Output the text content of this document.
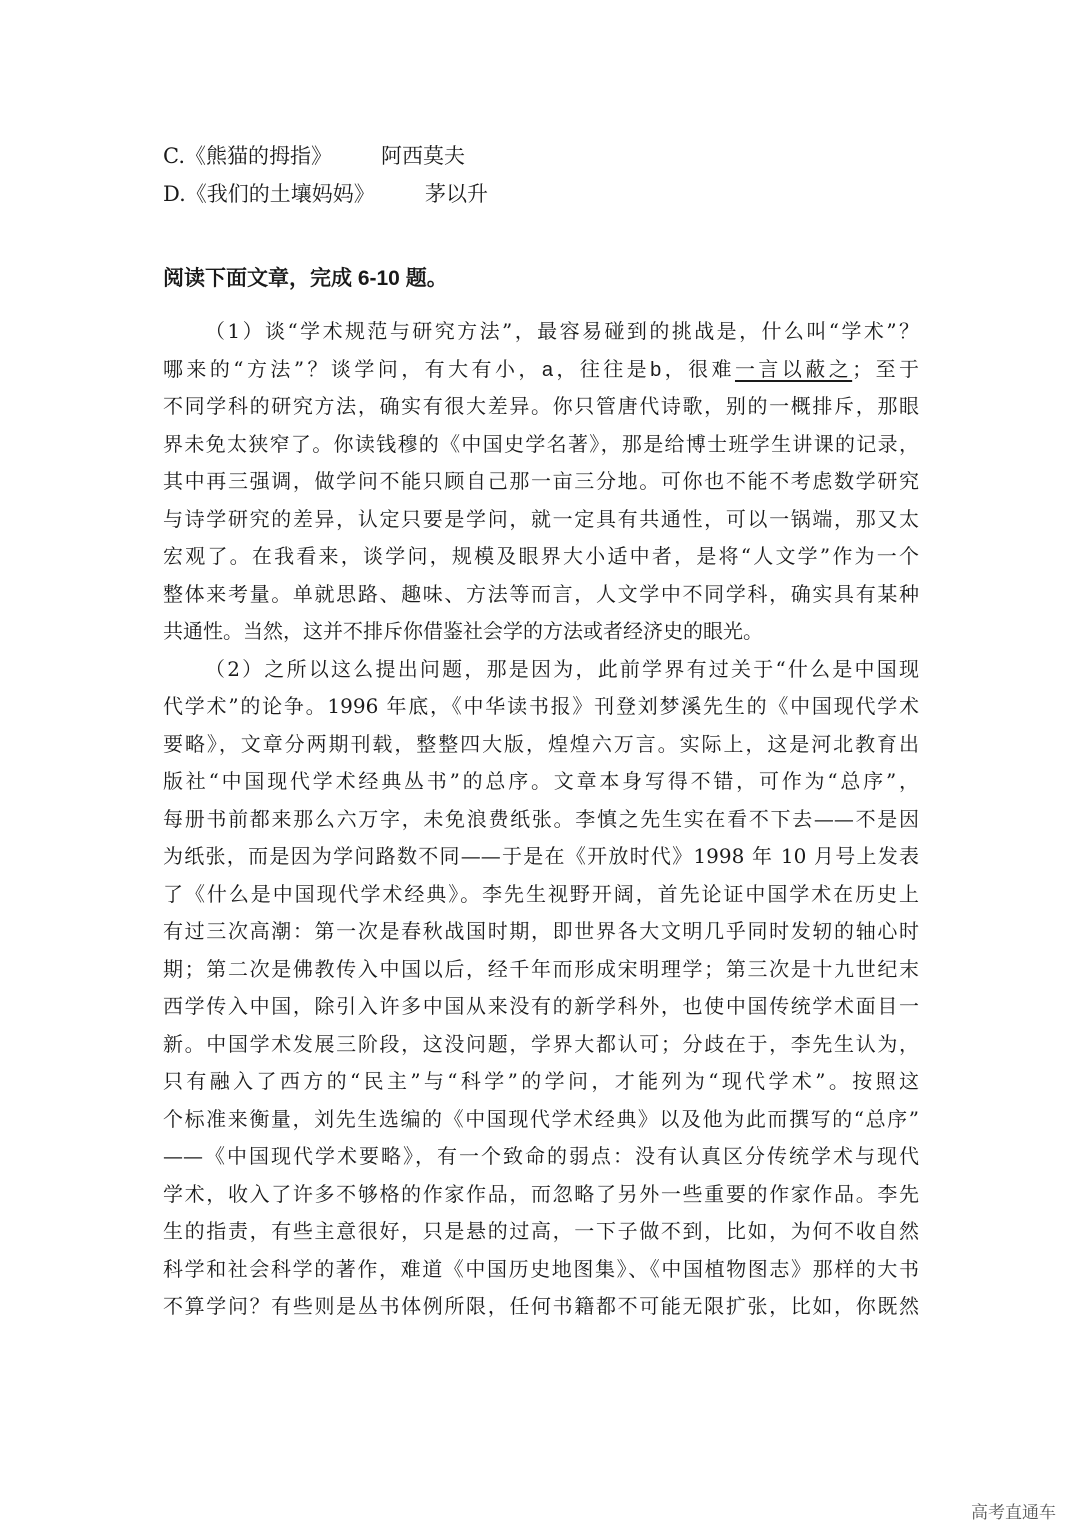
C.《熊猫的拇指》 阿西莫夫
D.《我们的土壤妈妈》 茅以升
阅读下面文章，完成 6-10 题。
（1）谈“学术规范与研究方法”，最容易碰到的挑战是，什么叫“学术”？
哪来的“方法”？谈学问，有大有小，a，往往是b，很难一言以蔽之；至于
不同学科的研究方法，确实有很大差异。你只管唐代诗歌，别的一概排斥，那眼
界未免太狭窄了。你读钱穆的《中国史学名著》，那是给博士班学生讲课的记录，
其中再三强调，做学问不能只顾自己那一亩三分地。可你也不能不考虑数学研究
与诗学研究的差异，认定只要是学问，就一定具有共通性，可以一锅端，那又太
宏观了。在我看来，谈学问，规模及眼界大小适中者，是将“人文学”作为一个
整体来考量。单就思路、趣味、方法等而言，人文学中不同学科，确实具有某种
共通性。当然，这并不排斥你借鉴社会学的方法或者经济史的眼光。
（2）之所以这么提出问题，那是因为，此前学界有过关于“什么是中国现
代学术”的论争。1996 年底，《中华读书报》刊登刘梦溪先生的《中国现代学术
要略》，文章分两期刊载，整整四大版，煌煌六万言。实际上，这是河北教育出
版社“中国现代学术经典丛书”的总序。文章本身写得不错，可作为“总序”，
每册书前都来那么六万字，未免浪费纸张。李慎之先生实在看不下去——不是因
为纸张，而是因为学问路数不同——于是在《开放时代》1998 年 10 月号上发表
了《什么是中国现代学术经典》。李先生视野开阔，首先论证中国学术在历史上
有过三次高潮：第一次是春秋战国时期，即世界各大文明几乎同时发轫的轴心时
期；第二次是佛教传入中国以后，经千年而形成宋明理学；第三次是十九世纪末
西学传入中国，除引入许多中国从来没有的新学科外，也使中国传统学术面目一
新。中国学术发展三阶段，这没问题，学界大都认可；分歧在于，李先生认为，
只有融入了西方的“民主”与“科学”的学问，才能列为“现代学术”。按照这
个标准来衡量，刘先生选编的《中国现代学术经典》以及他为此而撰写的“总序”
——《中国现代学术要略》，有一个致命的弱点：没有认真区分传统学术与现代
学术，收入了许多不够格的作家作品，而忽略了另外一些重要的作家作品。李先
生的指责，有些主意很好，只是悬的过高，一下子做不到，比如，为何不收自然
科学和社会科学的著作，难道《中国历史地图集》、《中国植物图志》那样的大书
不算学问？有些则是丛书体例所限，任何书籍都不可能无限扩张，比如，你既然
高考直通车
